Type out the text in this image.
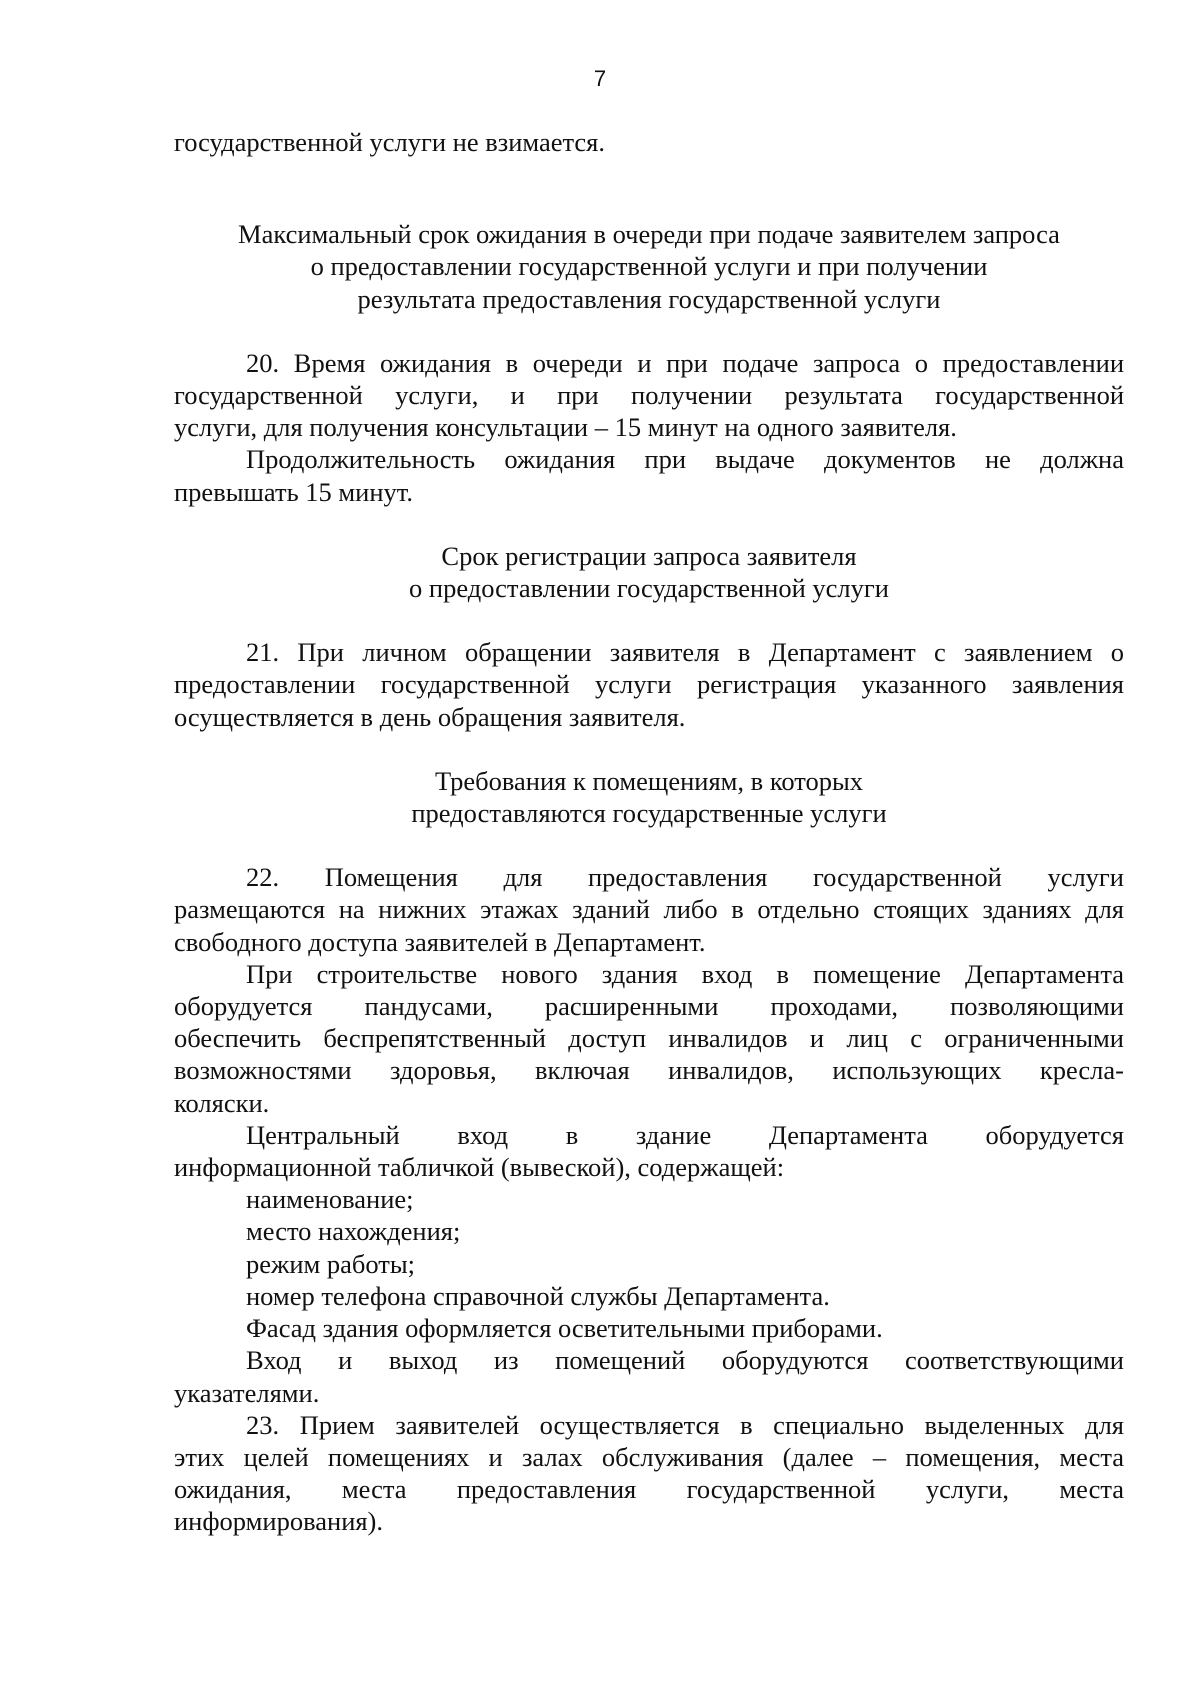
7

государственной услуги не взимается.

Максимальный срок ожидания в очереди при подаче заявителем запроса

о предоставлении государственной услуги и при получении

результата предоставления государственной услуги

20. Время ожидания в очереди и при подаче запроса о предоставлении

государственной услуги, и при получении результата государственной

услуги, для получения консультации – 15 минут на одного заявителя.

Продолжительность ожидания при выдаче документов не должна

превышать 15 минут.

Срок регистрации запроса заявителя

о предоставлении государственной услуги

21. При личном обращении заявителя в Департамент с заявлением о

предоставлении государственной услуги регистрация указанного заявления

осуществляется в день обращения заявителя.

Требования к помещениям, в которых

предоставляются государственные услуги

22. Помещения для предоставления государственной услуги

размещаются на нижних этажах зданий либо в отдельно стоящих зданиях для

свободного доступа заявителей в Департамент.

При строительстве нового здания вход в помещение Департамента

оборудуется пандусами, расширенными проходами, позволяющими

обеспечить беспрепятственный доступ инвалидов и лиц с ограниченными

возможностями здоровья, включая инвалидов, использующих кресла-

коляски.

Центральный вход в здание Департамента оборудуется

информационной табличкой (вывеской), содержащей:

наименование;

место нахождения;

режим работы;

номер телефона справочной службы Департамента.

Фасад здания оформляется осветительными приборами.

Вход и выход из помещений оборудуются соответствующими

указателями.

23. Прием заявителей осуществляется в специально выделенных для

этих целей помещениях и залах обслуживания (далее – помещения, места

ожидания, места предоставления государственной услуги, места

информирования).
